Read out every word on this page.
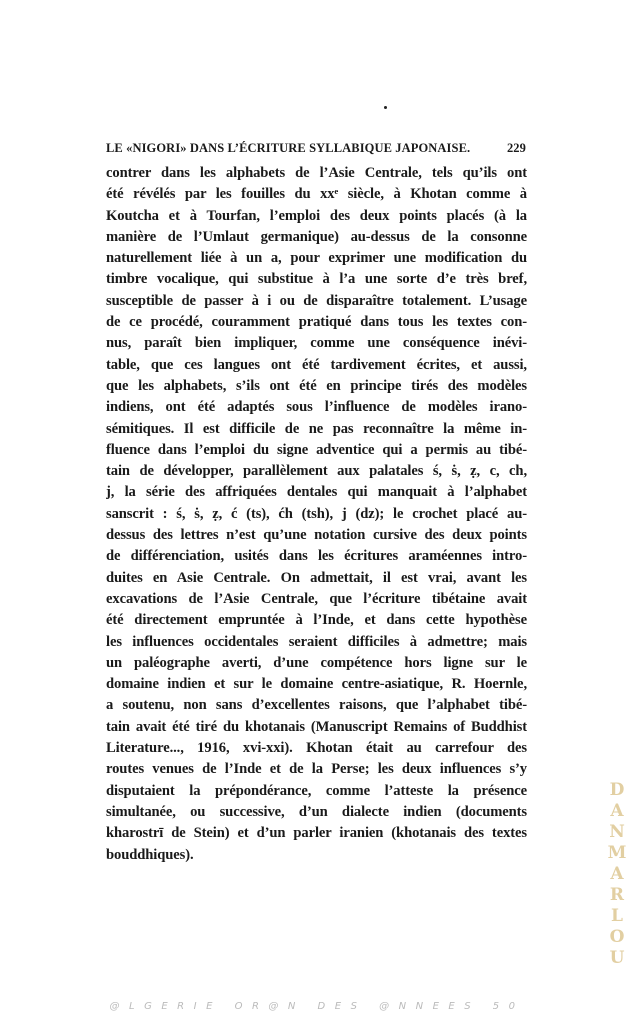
LE «NIGORI» DANS L’ÉCRITURE SYLLABIQUE JAPONAISE.	229
contrer dans les alphabets de l’Asie Centrale, tels qu’ils ont
été révélés par les fouilles du xxᵉ siècle, à Khotan comme à
Koutcha et à Tourfan, l’emploi des deux points placés (à la
manière de l’Umlaut germanique) au-dessus de la consonne
naturellement liée à un a, pour exprimer une modification du
timbre vocalique, qui substitue à l’a une sorte d’e très bref,
susceptible de passer à i ou de disparaître totalement. L’usage
de ce procédé, couramment pratiqué dans tous les textes con-
nus, paraît bien impliquer, comme une conséquence inévi-
table, que ces langues ont été tardivement écrites, et aussi,
que les alphabets, s’ils ont été en principe tirés des modèles
indiens, ont été adaptés sous l’influence de modèles irano-
sémitiques. Il est difficile de ne pas reconnaître la même in-
fluence dans l’emploi du signe adventice qui a permis au tibé-
tain de développer, parallèlement aux palatales ś, ṡ, ẓ, c, ch,
j, la série des affriquées dentales qui manquait à l’alphabet
sanscrit : ś, ṡ, ẓ, ć (ts), ćh (tsh), j (dz); le crochet placé au-
dessus des lettres n’est qu’une notation cursive des deux points
de différenciation, usités dans les écritures araméennes intro-
duites en Asie Centrale. On admettait, il est vrai, avant les
excavations de l’Asie Centrale, que l’écriture tibétaine avait
été directement empruntée à l’Inde, et dans cette hypothèse
les influences occidentales seraient difficiles à admettre; mais
un paléographe averti, d’une compétence hors ligne sur le
domaine indien et sur le domaine centre-asiatique, R. Hoernle,
a soutenu, non sans d’excellentes raisons, que l’alphabet tibé-
tain avait été tiré du khotanais (Manuscript Remains of Buddhist
Literature..., 1916, xvi-xxi). Khotan était au carrefour des
routes venues de l’Inde et de la Perse; les deux influences s’y
disputaient la prépondérance, comme l’atteste la présence
simultanée, ou successive, d’un dialecte indien (documents
kharostrī de Stein) et d’un parler iranien (khotanais des textes
bouddhiques).	DANMARLOU
@LGERIE OR@N DES @NNEES 50
